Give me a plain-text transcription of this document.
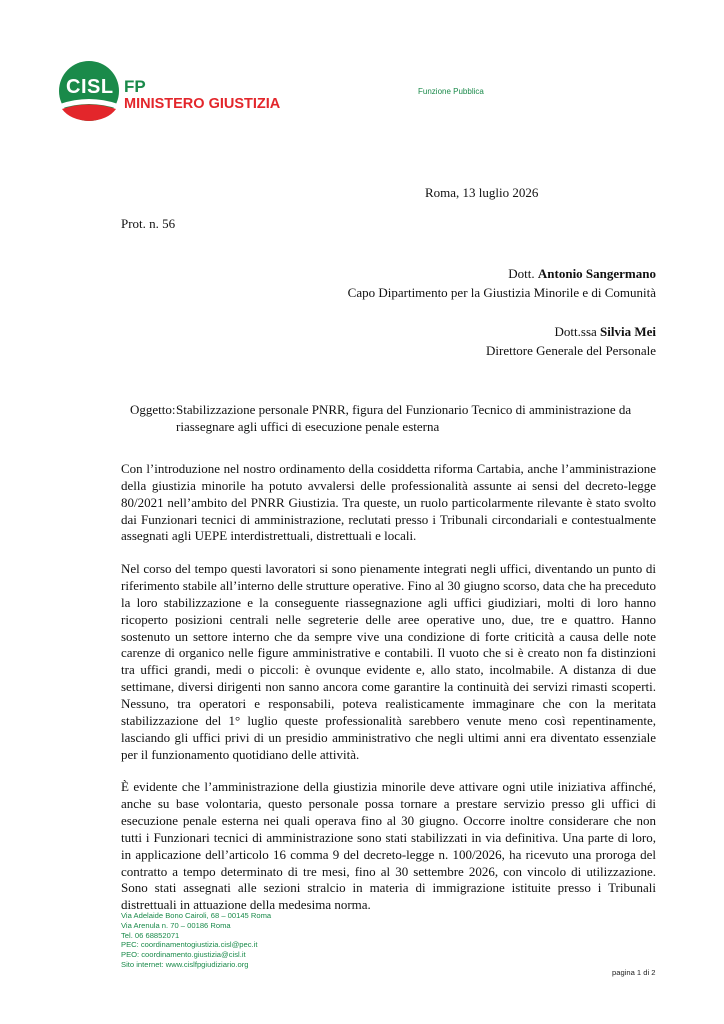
CISL FP
MINISTERO GIUSTIZIA
Funzione Pubblica
Roma, 13 luglio 2026
Prot. n. 56
Dott. Antonio Sangermano
Capo Dipartimento per la Giustizia Minorile e di Comunità
Dott.ssa Silvia Mei
Direttore Generale del Personale
Oggetto: Stabilizzazione personale PNRR, figura del Funzionario Tecnico di amministrazione da riassegnare agli uffici di esecuzione penale esterna

Con l’introduzione nel nostro ordinamento della cosiddetta riforma Cartabia, anche l’amministrazione della giustizia minorile ha potuto avvalersi delle professionalità assunte ai sensi del decreto-legge 80/2021 nell’ambito del PNRR Giustizia. Tra queste, un ruolo particolarmente rilevante è stato svolto dai Funzionari tecnici di amministrazione, reclutati presso i Tribunali circondariali e contestualmente assegnati agli UEPE interdistrettuali, distrettuali e locali.

Nel corso del tempo questi lavoratori si sono pienamente integrati negli uffici, diventando un punto di riferimento stabile all’interno delle strutture operative. Fino al 30 giugno scorso, data che ha preceduto la loro stabilizzazione e la conseguente riassegnazione agli uffici giudiziari, molti di loro hanno ricoperto posizioni centrali nelle segreterie delle aree operative uno, due, tre e quattro. Hanno sostenuto un settore interno che da sempre vive una condizione di forte criticità a causa delle note carenze di organico nelle figure amministrative e contabili. Il vuoto che si è creato non fa distinzioni tra uffici grandi, medi o piccoli: è ovunque evidente e, allo stato, incolmabile. A distanza di due settimane, diversi dirigenti non sanno ancora come garantire la continuità dei servizi rimasti scoperti. Nessuno, tra operatori e responsabili, poteva realisticamente immaginare che con la meritata stabilizzazione del 1° luglio queste professionalità sarebbero venute meno così repentinamente, lasciando gli uffici privi di un presidio amministrativo che negli ultimi anni era diventato essenziale per il funzionamento quotidiano delle attività.

È evidente che l’amministrazione della giustizia minorile deve attivare ogni utile iniziativa affinché, anche su base volontaria, questo personale possa tornare a prestare servizio presso gli uffici di esecuzione penale esterna nei quali operava fino al 30 giugno. Occorre inoltre considerare che non tutti i Funzionari tecnici di amministrazione sono stati stabilizzati in via definitiva. Una parte di loro, in applicazione dell’articolo 16 comma 9 del decreto-legge n. 100/2026, ha ricevuto una proroga del contratto a tempo determinato di tre mesi, fino al 30 settembre 2026, con vincolo di utilizzazione. Sono stati assegnati alle sezioni stralcio in materia di immigrazione istituite presso i Tribunali distrettuali in attuazione della medesima norma.

Via Adelaide Bono Cairoli, 68 – 00145 Roma
Via Arenula n. 70 – 00186 Roma
Tel. 06 68852071
PEC: coordinamentogiustizia.cisl@pec.it
PEO: coordinamento.giustizia@cisl.it
Sito internet: www.cislfpgiudiziario.org
pagina 1 di 2
